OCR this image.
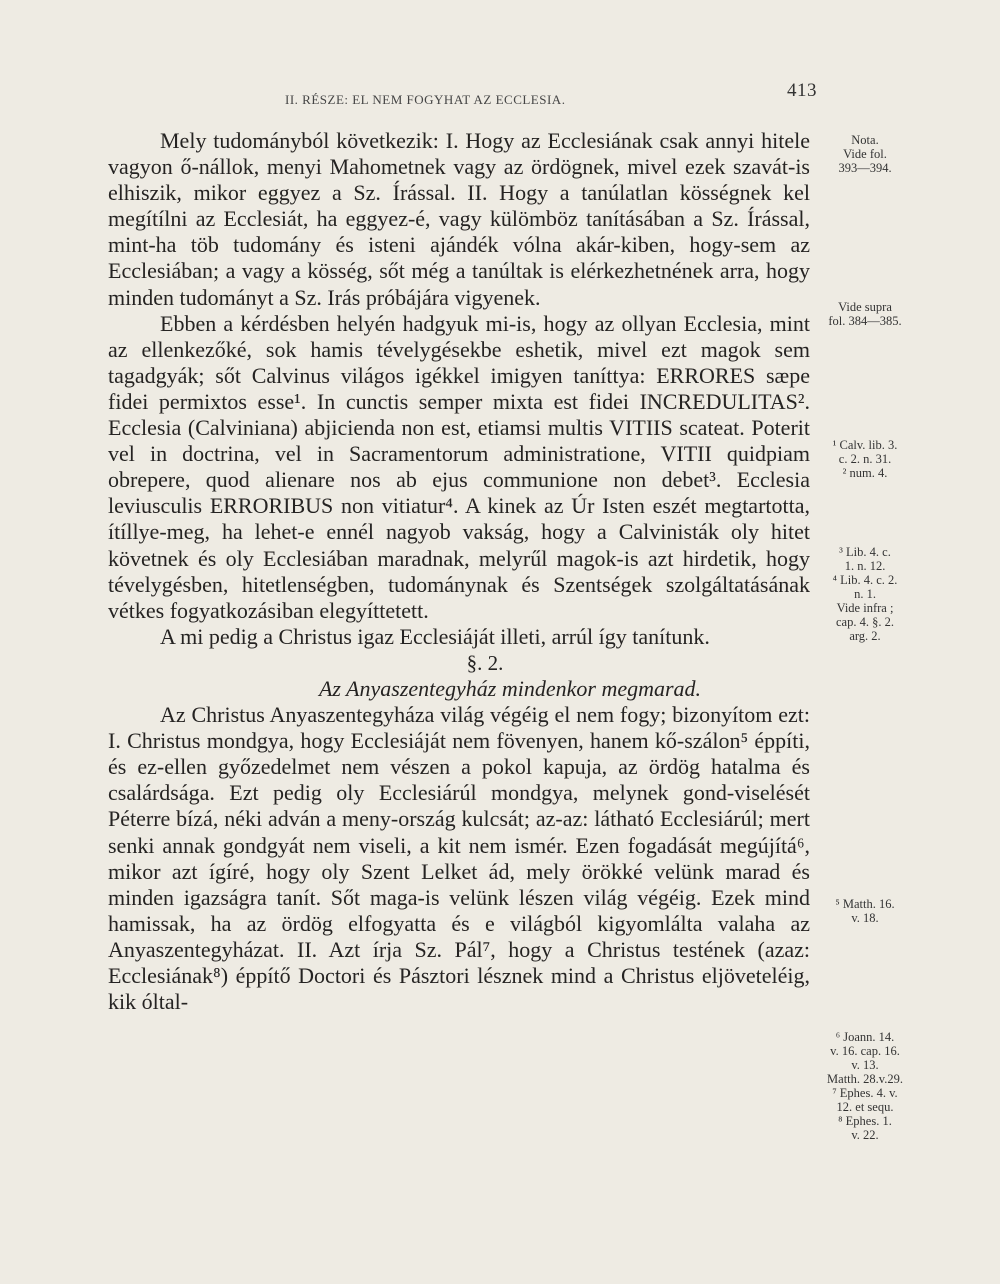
II. RÉSZE: EL NEM FOGYHAT AZ ECCLESIA.	413

Mely tudományból következik: I. Hogy az Ecclesiának csak annyi hitele vagyon ő-nállok, menyi Mahometnek vagy az ördögnek, mivel ezek szavát-is elhiszik, mikor eggyez a Sz. Írással. II. Hogy a tanúlatlan kösségnek kel megítílni az Ecclesiát, ha eggyez-é, vagy külömböz tanításában a Sz. Írással, mint-ha töb tudomány és isteni ajándék vólna akár-kiben, hogy-sem az Ecclesiában; a vagy a kösség, sőt még a tanúltak is elérkezhetnének arra, hogy minden tudományt a Sz. Irás próbájára vigyenek.

Ebben a kérdésben helyén hadgyuk mi-is, hogy az ollyan Ecclesia, mint az ellenkezőké, sok hamis tévelygésekbe eshetik, mivel ezt magok sem tagadgyák; sőt Calvinus világos igékkel imigyen taníttya: ERRORES sæpe fidei permixtos esse¹. In cunctis semper mixta est fidei INCREDULITAS². Ecclesia (Calviniana) abjicienda non est, etiamsi multis VITIIS scateat. Poterit vel in doctrina, vel in Sacramentorum administratione, VITII quidpiam obrepere, quod alienare nos ab ejus communione non debet³. Ecclesia leviusculis ERRORIBUS non vitiatur⁴. A kinek az Úr Isten eszét megtartotta, ítíllye-meg, ha lehet-e ennél nagyob vakság, hogy a Calvinisták oly hitet követnek és oly Ecclesiában maradnak, melyrűl magok-is azt hirdetik, hogy tévelygésben, hitetlenségben, tudománynak és Szentségek szolgáltatásának vétkes fogyatkozásiban elegyíttetett.

A mi pedig a Christus igaz Ecclesiáját illeti, arrúl így tanítunk.

§. 2.

Az Anyaszentegyház mindenkor megmarad.

Az Christus Anyaszentegyháza világ végéig el nem fogy; bizonyítom ezt: I. Christus mondgya, hogy Ecclesiáját nem fövenyen, hanem kő-szálon⁵ éppíti, és ez-ellen győzedelmet nem vészen a pokol kapuja, az ördög hatalma és csalárdsága. Ezt pedig oly Ecclesiárúl mondgya, melynek gond-viselését Péterre bízá, néki adván a meny-ország kulcsát; az-az: látható Ecclesiárúl; mert senki annak gondgyát nem viseli, a kit nem ismér. Ezen fogadását megújítá⁶, mikor azt ígíré, hogy oly Szent Lelket ád, mely örökké velünk marad és minden igazságra tanít. Sőt maga-is velünk lészen világ végéig. Ezek mind hamissak, ha az ördög elfogyatta és e világból kigyomlálta valaha az Anyaszentegyházat. II. Azt írja Sz. Pál⁷, hogy a Christus testének (azaz: Ecclesiának⁸) éppítő Doctori és Pásztori lésznek mind a Christus eljöveteléig, kik óltal-

Nota.
Vide fol.
393—394.
Vide supra
fol. 384—385.
¹ Calv. lib. 3.
c. 2. n. 31.
² num. 4.
³ Lib. 4. c.
1. n. 12.
⁴ Lib. 4. c. 2.
n. 1.
Vide infra ;
cap. 4. §. 2.
arg. 2.
⁵ Matth. 16.
v. 18.
⁶ Joann. 14.
v. 16. cap. 16.
v. 13.
Matth. 28.v.29.
⁷ Ephes. 4. v.
12. et sequ.
⁸ Ephes. 1.
v. 22.
